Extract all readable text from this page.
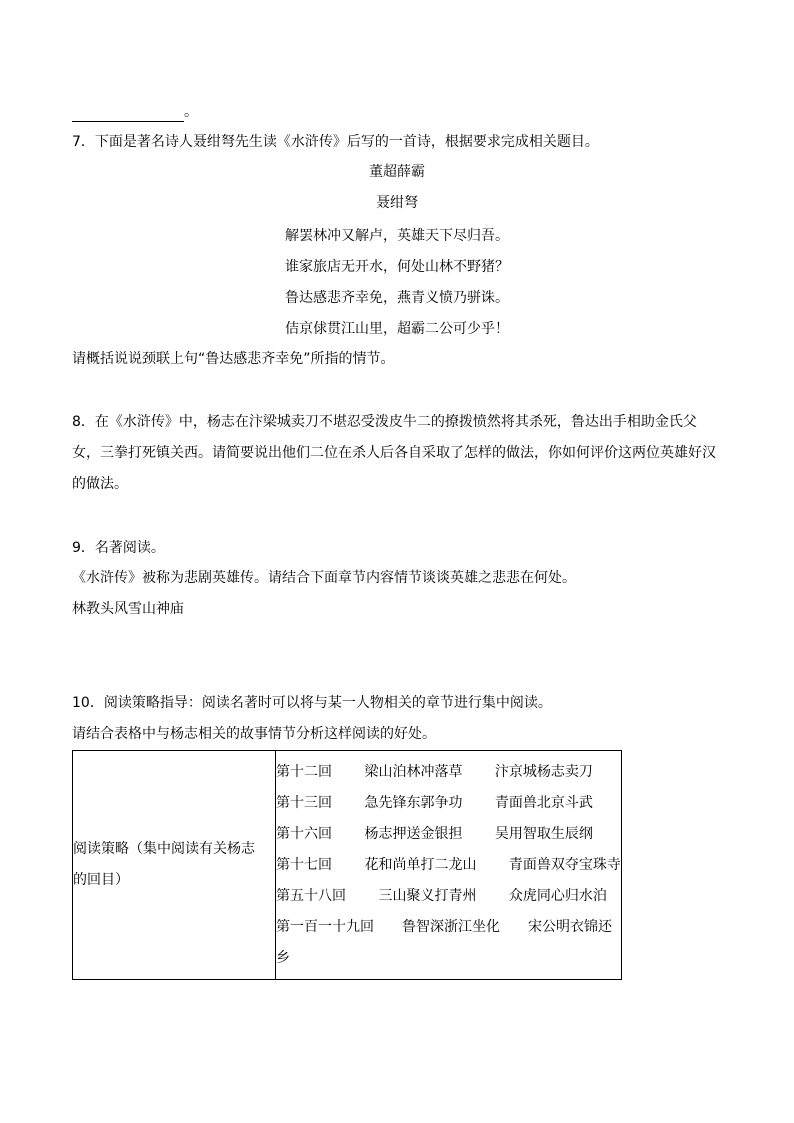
。
7．下面是著名诗人聂绀弩先生读《水浒传》后写的一首诗，根据要求完成相关题目。
董超薛霸
聂绀弩
解罢林冲又解卢，英雄天下尽归吾。
谁家旅店无开水，何处山林不野猪？
鲁达感悲齐幸免，燕青义愤乃骈诛。
佶京俅贯江山里，超霸二公可少乎！
请概括说说颈联上句“鲁达感悲齐幸免”所指的情节。
8．在《水浒传》中，杨志在汴梁城卖刀不堪忍受泼皮牛二的撩拨愤然将其杀死，鲁达出手相助金氏父
女，三拳打死镇关西。请简要说出他们二位在杀人后各自采取了怎样的做法，你如何评价这两位英雄好汉
的做法。
9．名著阅读。
《水浒传》被称为悲剧英雄传。请结合下面章节内容情节谈谈英雄之悲悲在何处。
林教头风雪山神庙
10．阅读策略指导：阅读名著时可以将与某一人物相关的章节进行集中阅读。
请结合表格中与杨志相关的故事情节分析这样阅读的好处。
阅读策略（集中阅读有关杨志
的回目）

第十二回 梁山泊林冲落草 汴京城杨志卖刀
第十三回 急先锋东郭争功 青面兽北京斗武
第十六回 杨志押送金银担 吴用智取生辰纲
第十七回 花和尚单打二龙山 青面兽双夺宝珠寺
第五十八回 三山聚义打青州 众虎同心归水泊
第一百一十九回 鲁智深浙江坐化 宋公明衣锦还乡
